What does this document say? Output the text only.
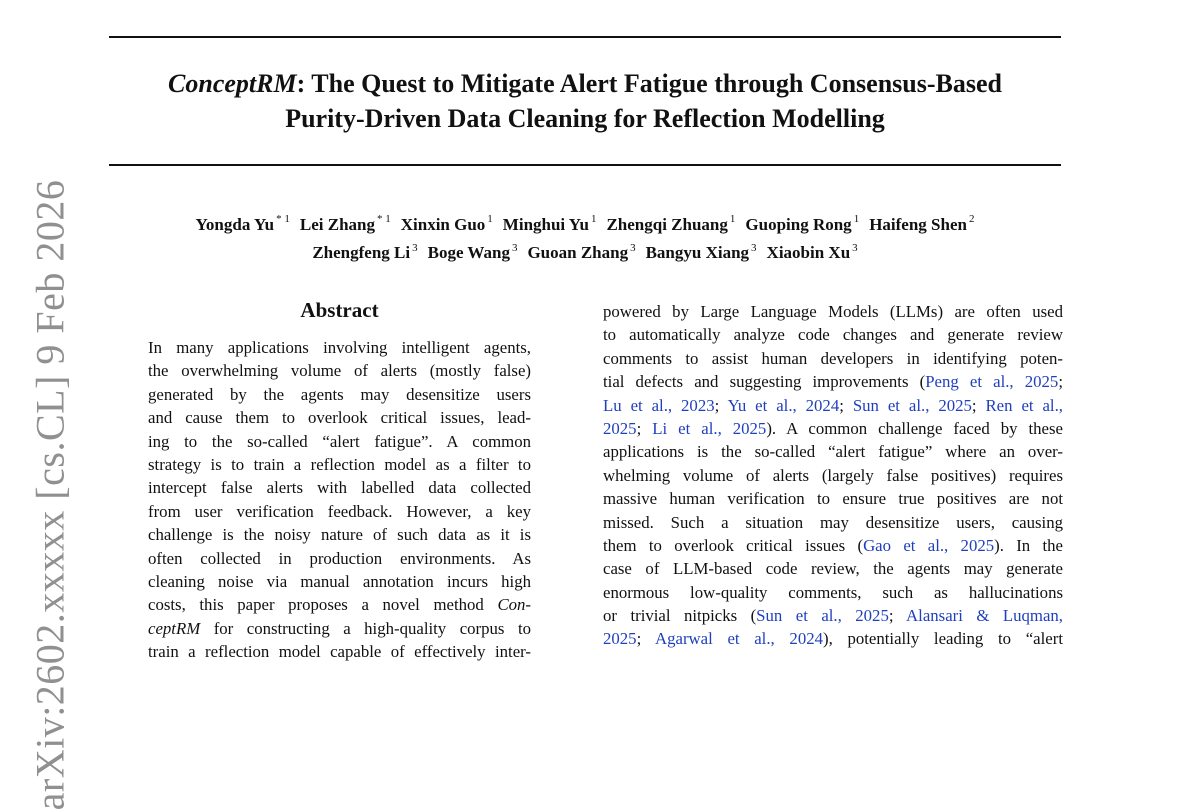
ConceptRM: The Quest to Mitigate Alert Fatigue through Consensus-Based
Purity-Driven Data Cleaning for Reflection Modelling
Yongda Yu $^{* 1}$ Lei Zhang $^{* 1}$ Xinxin Guo $^1$ Minghui Yu $^1$ Zhengqi Zhuang $^1$ Guoping Rong $^1$ Haifeng Shen $^2$
Zhengfeng Li $^3$ Boge Wang $^3$ Guoan Zhang $^3$ Bangyu Xiang $^3$ Xiaobin Xu $^3$
arXiv:2602.xxxxx [cs.CL] 9 Feb 2026	Abstract
In many applications involving intelligent agents,
the overwhelming volume of alerts (mostly false)
generated by the agents may desensitize users
and cause them to overlook critical issues, lead-
ing to the so-called “alert fatigue”. A common
strategy is to train a reflection model as a filter to
intercept false alerts with labelled data collected
from user verification feedback. However, a key
challenge is the noisy nature of such data as it is
often collected in production environments. As
cleaning noise via manual annotation incurs high
costs, this paper proposes a novel method Con-
ceptRM for constructing a high-quality corpus to
train a reflection model capable of effectively inter-
powered by Large Language Models (LLMs) are often used
to automatically analyze code changes and generate review
comments to assist human developers in identifying poten-
tial defects and suggesting improvements (Peng et al., 2025;
Lu et al., 2023; Yu et al., 2024; Sun et al., 2025; Ren et al.,
2025; Li et al., 2025). A common challenge faced by these
applications is the so-called “alert fatigue” where an over-
whelming volume of alerts (largely false positives) requires
massive human verification to ensure true positives are not
missed. Such a situation may desensitize users, causing
them to overlook critical issues (Gao et al., 2025). In the
case of LLM-based code review, the agents may generate
enormous low-quality comments, such as hallucinations
or trivial nitpicks (Sun et al., 2025; Alansari & Luqman,
2025; Agarwal et al., 2024), potentially leading to “alert
